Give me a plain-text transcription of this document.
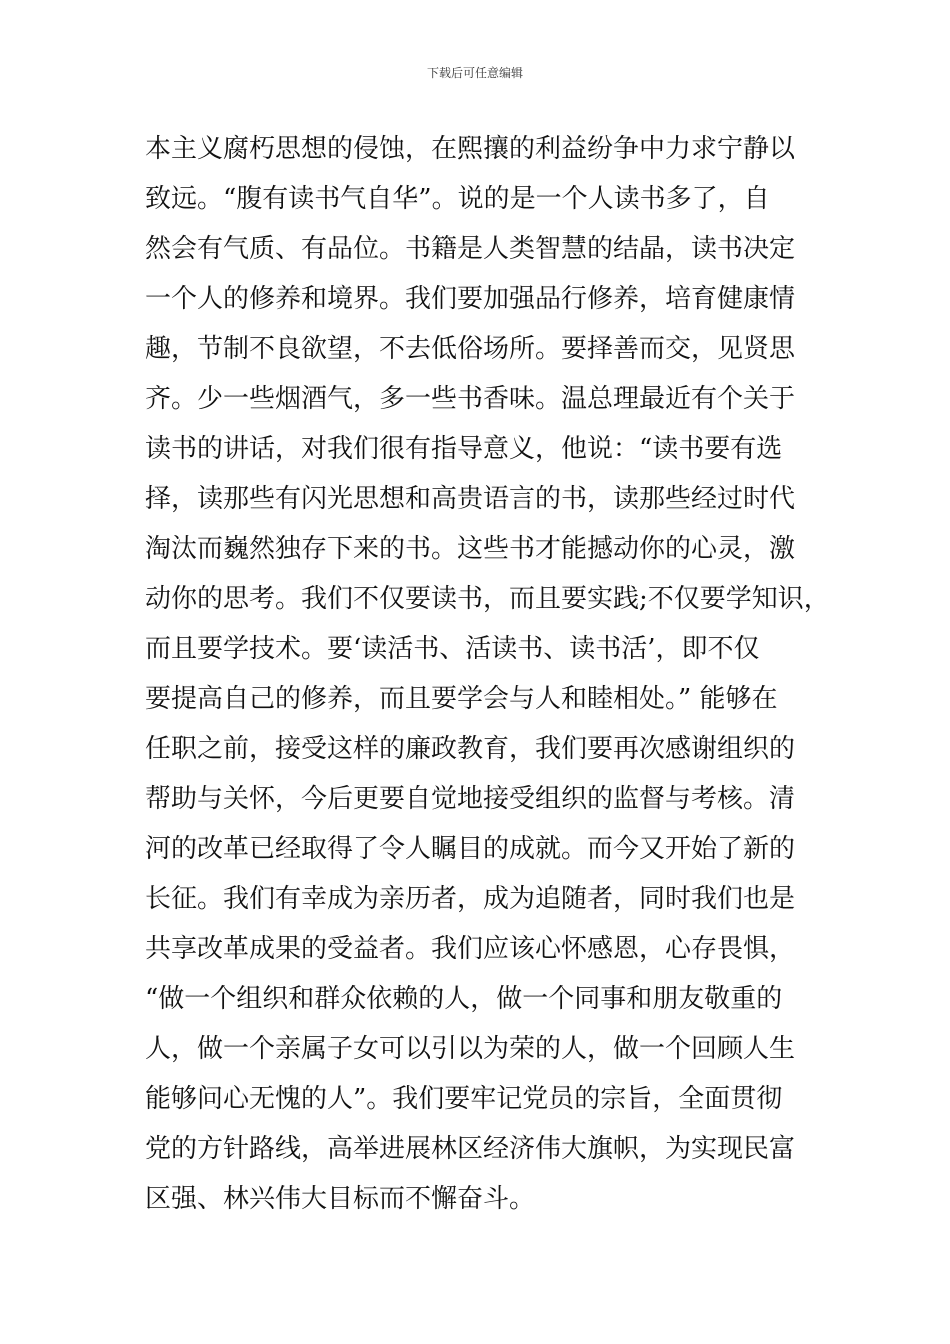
下载后可任意编辑
本主义腐朽思想的侵蚀，在熙攘的利益纷争中力求宁静以
致远。“腹有读书气自华”。说的是一个人读书多了，自
然会有气质、有品位。书籍是人类智慧的结晶，读书决定
一个人的修养和境界。我们要加强品行修养，培育健康情
趣，节制不良欲望，不去低俗场所。要择善而交，见贤思
齐。少一些烟酒气，多一些书香味。温总理最近有个关于
读书的讲话，对我们很有指导意义，他说：“读书要有选
择，读那些有闪光思想和高贵语言的书，读那些经过时代
淘汰而巍然独存下来的书。这些书才能撼动你的心灵，激
动你的思考。我们不仅要读书，而且要实践;不仅要学知识，
而且要学技术。要‘读活书、活读书、读书活’，即不仅
要提高自己的修养，而且要学会与人和睦相处。” 能够在
任职之前，接受这样的廉政教育，我们要再次感谢组织的
帮助与关怀，今后更要自觉地接受组织的监督与考核。清
河的改革已经取得了令人瞩目的成就。而今又开始了新的
长征。我们有幸成为亲历者，成为追随者，同时我们也是
共享改革成果的受益者。我们应该心怀感恩，心存畏惧，
“做一个组织和群众依赖的人，做一个同事和朋友敬重的
人，做一个亲属子女可以引以为荣的人，做一个回顾人生
能够问心无愧的人”。我们要牢记党员的宗旨，全面贯彻
党的方针路线，高举进展林区经济伟大旗帜，为实现民富
区强、林兴伟大目标而不懈奋斗。
